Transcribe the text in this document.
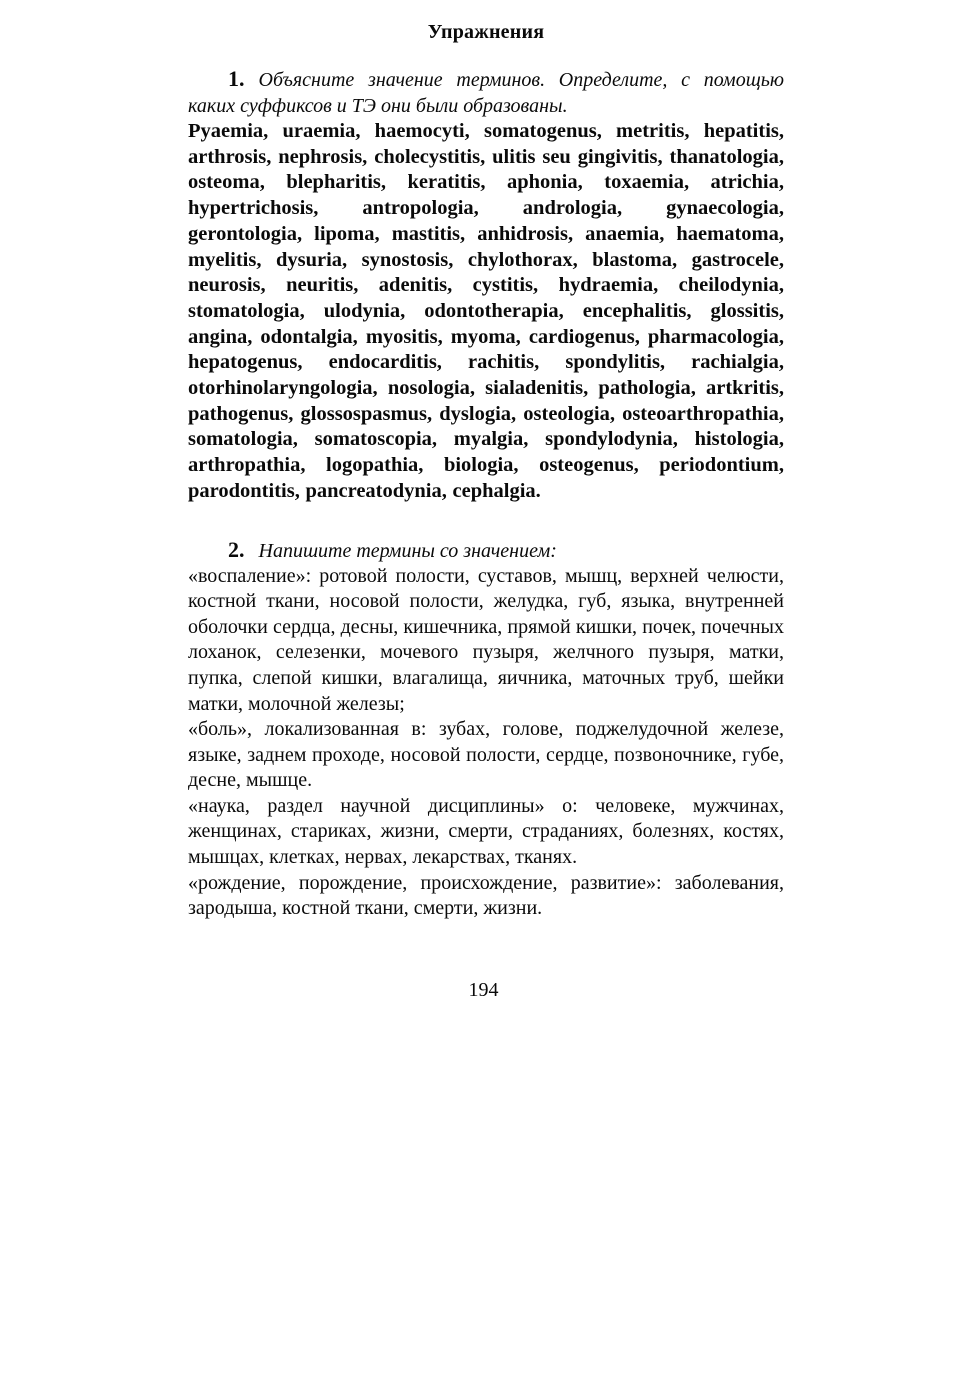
Упражнения

1. Объясните значение терминов. Определите, с помощью каких суффиксов и ТЭ они были образованы.

Pyaemia, uraemia, haemocyti, somatogenus, metritis, hepatitis, arthrosis, nephrosis, cholecystitis, ulitis seu gingivitis, thanatologia, osteoma, blepharitis, keratitis, aphonia, toxaemia, atrichia, hypertrichosis, antropologia, andrologia, gynaecologia, gerontologia, lipoma, mastitis, anhidrosis, anaemia, haematoma, myelitis, dysuria, synostosis, chylothorax, blastoma, gastrocele, neurosis, neuritis, adenitis, cystitis, hydraemia, cheilodynia, stomatologia, ulodynia, odontotherapia, encephalitis, glossitis, angina, odontalgia, myositis, myoma, cardiogenus, pharmacologia, hepatogenus, endocarditis, rachitis, spondylitis, rachialgia, otorhinolaryngologia, nosologia, sialadenitis, pathologia, artkritis, pathogenus, glossospasmus, dyslogia, osteologia, osteoarthropathia, somatologia, somatoscopia, myalgia, spondylodynia, histologia, arthropathia, logopathia, biologia, osteogenus, periodontium, parodontitis, pancreatodynia, cephalgia.

2. Напишите термины со значением:

«воспаление»: ротовой полости, суставов, мышц, верхней челюсти, костной ткани, носовой полости, желудка, губ, языка, внутренней оболочки сердца, десны, кишечника, прямой кишки, почек, почечных лоханок, селезенки, мочевого пузыря, желчного пузыря, матки, пупка, слепой кишки, влагалища, яичника, маточных труб, шейки матки, молочной железы;

«боль», локализованная в: зубах, голове, поджелудочной железе, языке, заднем проходе, носовой полости, сердце, позвоночнике, губе, десне, мышце.

«наука, раздел научной дисциплины» о: человеке, мужчинах, женщинах, стариках, жизни, смерти, страданиях, болезнях, костях, мышцах, клетках, нервах, лекарствах, тканях.

«рождение, порождение, происхождение, развитие»: заболевания, зародыша, костной ткани, смерти, жизни.

194
